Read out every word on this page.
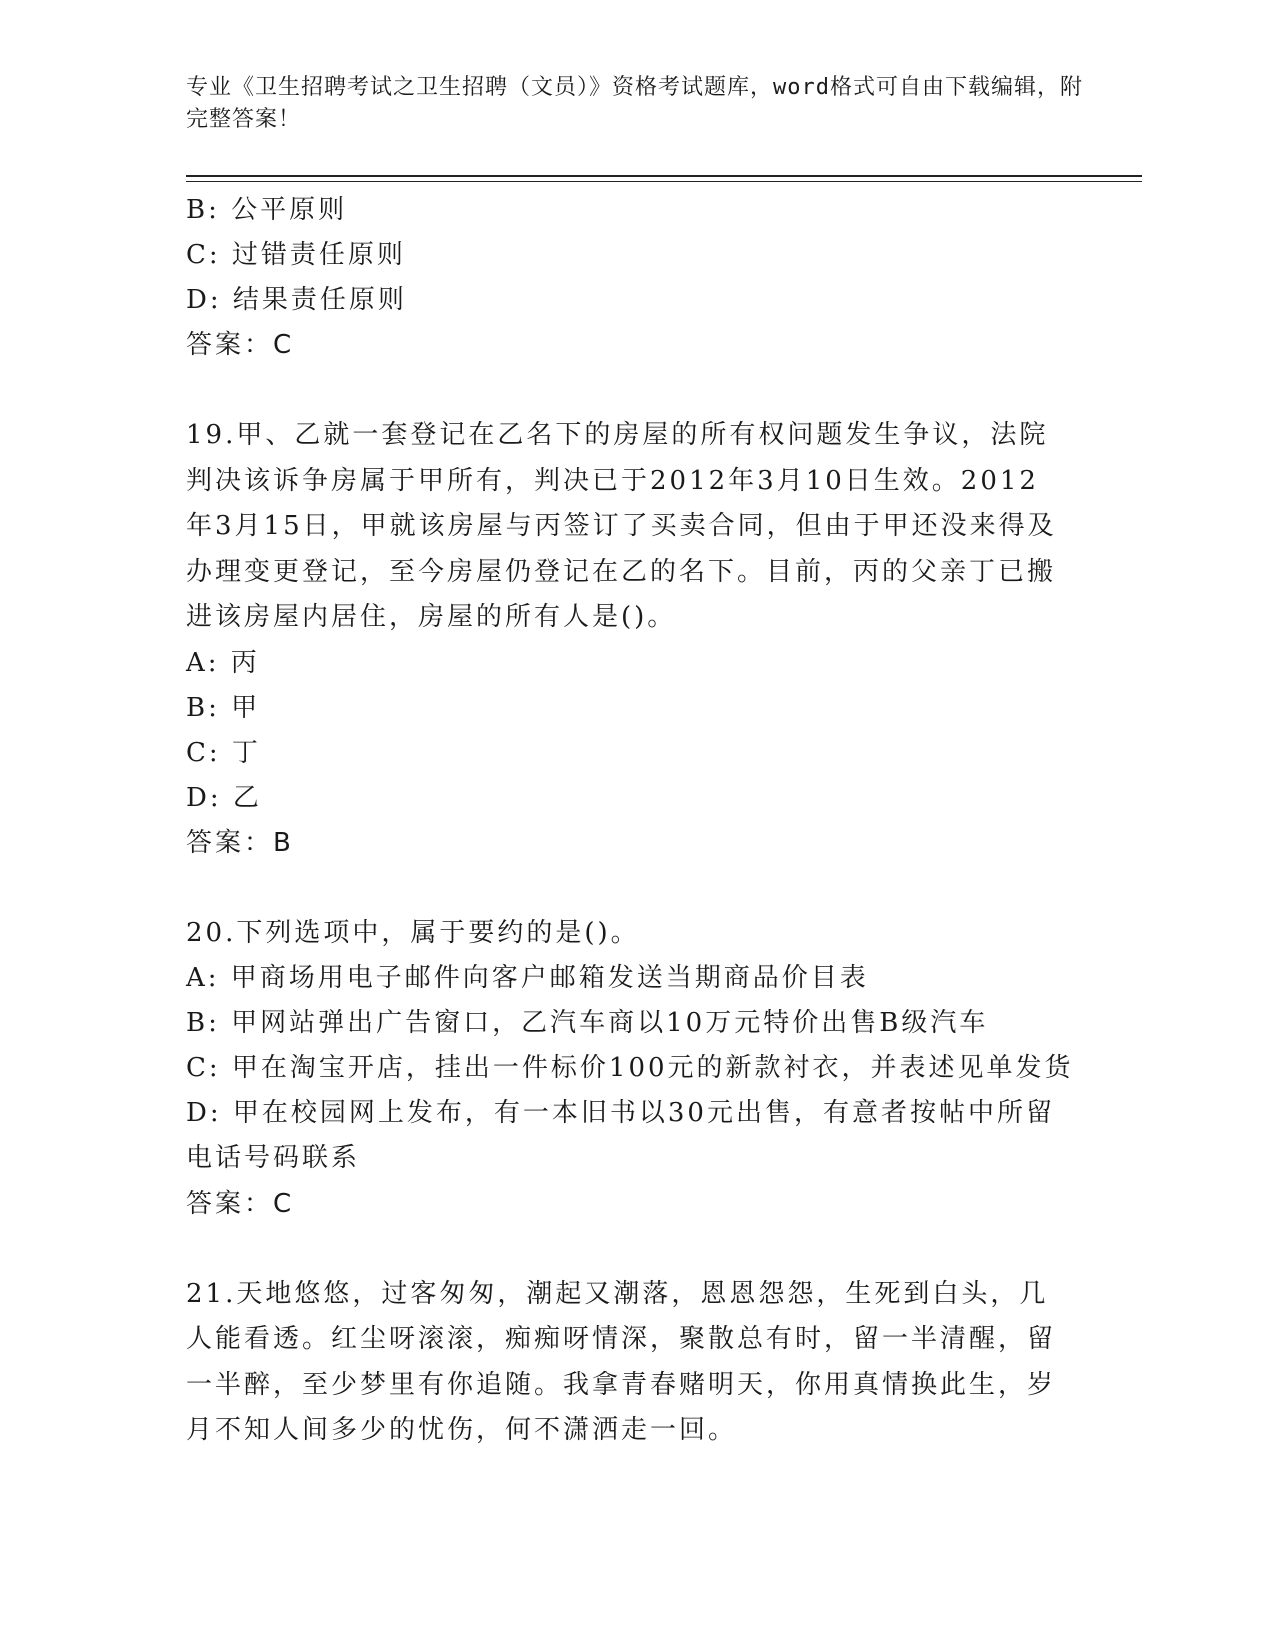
专业《卫生招聘考试之卫生招聘（文员）》资格考试题库，word格式可自由下载编辑，附完整答案！
B: 公平原则
C: 过错责任原则
D: 结果责任原则
答案：C
19.甲、乙就一套登记在乙名下的房屋的所有权问题发生争议，法院判决该诉争房属于甲所有，判决已于2012年3月10日生效。2012年3月15日，甲就该房屋与丙签订了买卖合同，但由于甲还没来得及办理变更登记，至今房屋仍登记在乙的名下。目前，丙的父亲丁已搬进该房屋内居住，房屋的所有人是()。
A: 丙
B: 甲
C: 丁
D: 乙
答案：B
20.下列选项中，属于要约的是()。
A: 甲商场用电子邮件向客户邮箱发送当期商品价目表
B: 甲网站弹出广告窗口，乙汽车商以10万元特价出售B级汽车
C: 甲在淘宝开店，挂出一件标价100元的新款衬衣，并表述见单发货
D: 甲在校园网上发布，有一本旧书以30元出售，有意者按帖中所留电话号码联系
答案：C
21.天地悠悠，过客匆匆，潮起又潮落，恩恩怨怨，生死到白头，几人能看透。红尘呀滚滚，痴痴呀情深，聚散总有时，留一半清醒，留一半醉，至少梦里有你追随。我拿青春赌明天，你用真情换此生，岁月不知人间多少的忧伤，何不潇洒走一回。
